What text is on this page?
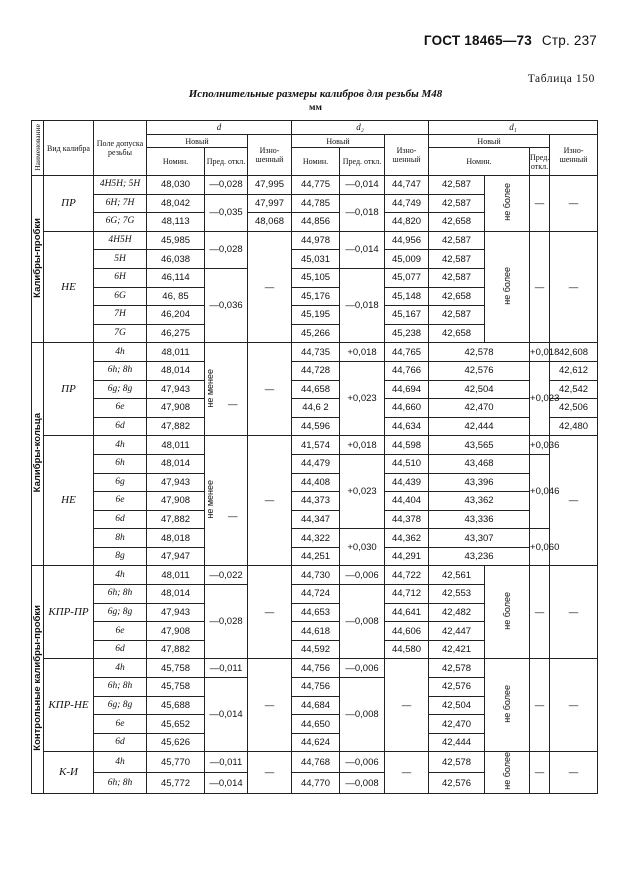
ГОСТ 18465—73 Стр. 237
Таблица 150
Исполнительные размеры калибров для резьбы М48
мм
Наименование	Вид калибра	Поле допуска резьбы	d			d₂			d₁			
			Новый		Изно- шенный	Новый		Изно- шенный	Новый			Изно- шенный
			Номин.	Пред. откл.		Номин.	Пред. откл.		Номин.		Пред. откл.	
Калибры-пробки	ПР	4H5H; 5H	48,030	—0,028	47,995	44,775	—0,014	44,747	42,587	не более	—	—
		6H; 7H	48,042	—0,035	47,997	44,785	—0,018	44,749	42,587			
		6G; 7G	48,113		48,068	44,856		44,820	42,658			
	НЕ	4H5H	45,985	—0,028	—	44,978	—0,014	44,956	42,587	не более	—	—
		5H	46,038			45,031		45,009	42,587			
		6H	46,114	—0,036		45,105	—0,018	45,077	42,587			
		6G	46, 85			45,176		45,148	42,658			
		7H	46,204			45,195		45,167	42,587			
		7G	46,275			45,266		45,238	42,658			
Калибры-кольца	ПР	4h	48,011	не менее —	—	44,735	+0,018	44,765	42,578		+0,018	42,608
		6h; 8h	48,014			44,728	+0,023	44,766	42,576		+0,023	42,612
		6g; 8g	47,943			44,658		44,694	42,504			42,542
		6e	47,908			44,6 2		44,660	42,470			42,506
		6d	47,882			44,596		44,634	42,444			42,480
	НЕ	4h	48,011	не менее —	—	41,574	+0,018	44,598	43,565		+0,036	—
		6h	48,014			44,479	+0,023	44,510	43,468		+0,046	
		6g	47,943			44,408		44,439	43,396			
		6e	47,908			44,373		44,404	43,362			
		6d	47,882			44,347		44,378	43,336			
		8h	48,018			44,322	+0,030	44,362	43,307		+0,060	
		8g	47,947			44,251		44,291	43,236			
Контрольные калибры-пробки	КПР-ПР	4h	48,011	—0,022	—	44,730	—0,006	44,722	42,561	не более	—	—
		6h; 8h	48,014	—0,028		44,724	—0,008	44,712	42,553			
		6g; 8g	47,943			44,653		44,641	42,482			
		6e	47,908			44,618		44,606	42,447			
		6d	47,882			44,592		44,580	42,421			
	КПР-НЕ	4h	45,758	—0,011	—	44,756	—0,006	—	42,578	не более	—	—
		6h; 8h	45,758	—0,014		44,756	—0,008		42,576			
		6g; 8g	45,688			44,684			42,504			
		6e	45,652			44,650			42,470			
		6d	45,626			44,624			42,444			
	К-И	4h	45,770	—0,011	—	44,768	—0,006	—	42,578	не более	—	—
		6h; 8h	45,772	—0,014		44,770	—0,008		42,576			
